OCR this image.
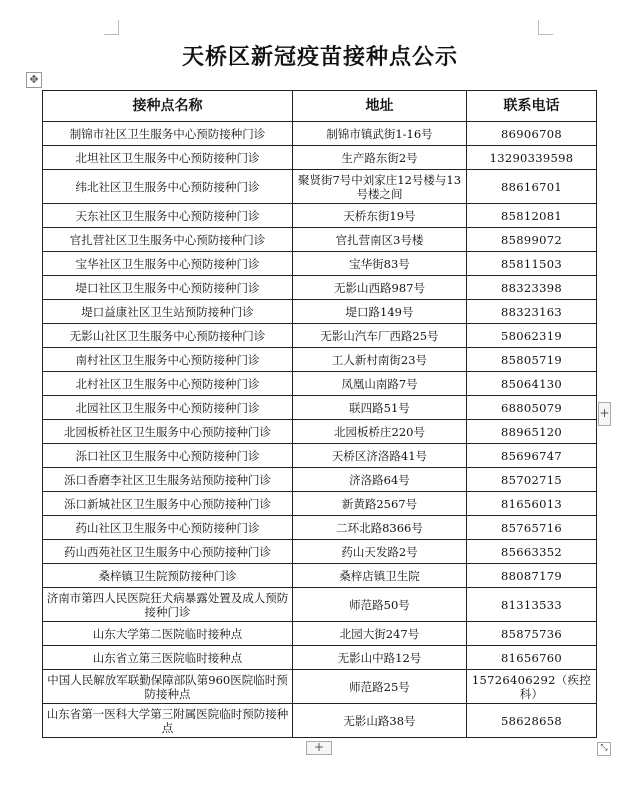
天桥区新冠疫苗接种点公示
✥
接种点名称	地址	联系电话
制锦市社区卫生服务中心预防接种门诊	制锦市镇武街1-16号	86906708
北坦社区卫生服务中心预防接种门诊	生产路东街2号	13290339598
纬北社区卫生服务中心预防接种门诊	聚贤街7号中刘家庄12号楼与13号楼之间	88616701
天东社区卫生服务中心预防接种门诊	天桥东街19号	85812081
官扎营社区卫生服务中心预防接种门诊	官扎营南区3号楼	85899072
宝华社区卫生服务中心预防接种门诊	宝华街83号	85811503
堤口社区卫生服务中心预防接种门诊	无影山西路987号	88323398
堤口益康社区卫生站预防接种门诊	堤口路149号	88323163
无影山社区卫生服务中心预防接种门诊	无影山汽车厂西路25号	58062319
南村社区卫生服务中心预防接种门诊	工人新村南街23号	85805719
北村社区卫生服务中心预防接种门诊	凤凰山南路7号	85064130
北园社区卫生服务中心预防接种门诊	联四路51号	68805079
北园板桥社区卫生服务中心预防接种门诊	北园板桥庄220号	88965120
泺口社区卫生服务中心预防接种门诊	天桥区济洛路41号	85696747
泺口香磨李社区卫生服务站预防接种门诊	济洛路64号	85702715
泺口新城社区卫生服务中心预防接种门诊	新黄路2567号	81656013
药山社区卫生服务中心预防接种门诊	二环北路8366号	85765716
药山西苑社区卫生服务中心预防接种门诊	药山天发路2号	85663352
桑梓镇卫生院预防接种门诊	桑梓店镇卫生院	88087179
济南市第四人民医院狂犬病暴露处置及成人预防接种门诊	师范路50号	81313533
山东大学第二医院临时接种点	北园大街247号	85875736
山东省立第三医院临时接种点	无影山中路12号	81656760
中国人民解放军联勤保障部队第960医院临时预防接种点	师范路25号	15726406292（疾控科）
山东省第一医科大学第三附属医院临时预防接种点	无影山路38号	58628658
+
+	⤡
